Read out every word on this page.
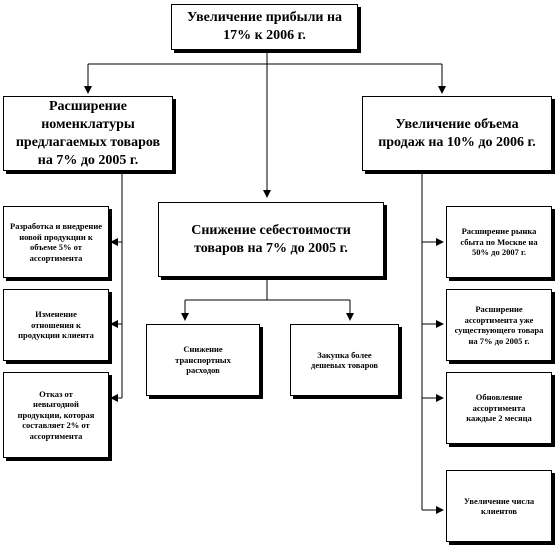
Увеличение прибыли на 17% к 2006 г.
Расширение номенклатуры предлагаемых товаров на 7% до 2005 г.
Снижение себестоимости товаров на 7% до 2005 г.
Увеличение объема продаж на 10% до 2006 г.
Разработка и внедрение новой продукции к объеме 5% от ассортимента
Изменение отношения к продукции клиента
Отказ от невыгодной продукции, которая составляет 2% от ассортимента
Снижение транспортных расходов
Закупка более дешевых товаров
Расширение рынка сбыта по Москве на 50% до 2007 г.
Расширение ассортимента уже существующего товара на 7% до 2005 г.
Обновление ассортимента каждые 2 месяца
Увеличение числа клиентов
